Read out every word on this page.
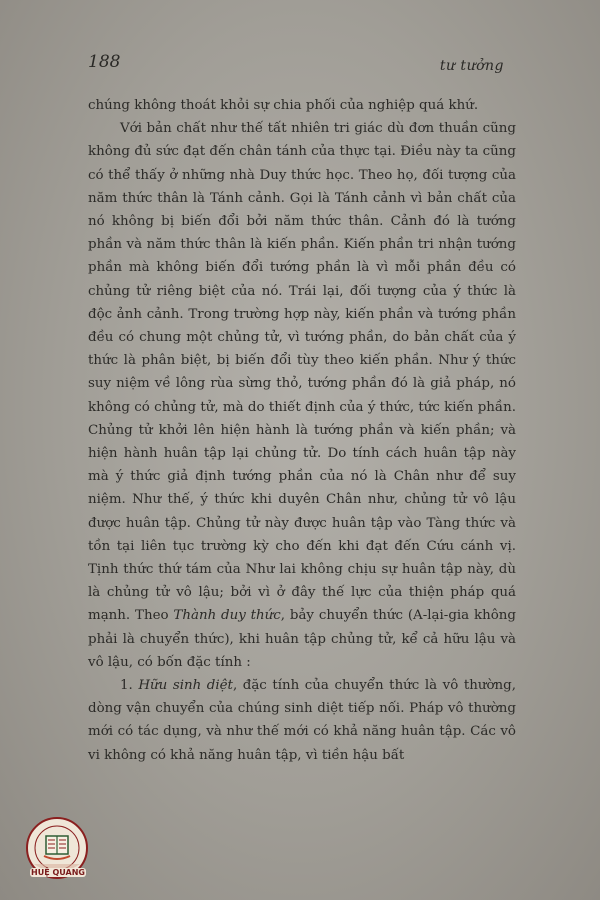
188	tư tưởng

chúng không thoát khỏi sự chia phối của nghiệp quá khứ.

Với bản chất như thế tất nhiên tri giác dù đơn thuần cũng không đủ sức đạt đến chân tánh của thực tại. Điều này ta cũng có thể thấy ở những nhà Duy thức học. Theo họ, đối tượng của năm thức thân là Tánh cảnh. Gọi là Tánh cảnh vì bản chất của nó không bị biến đổi bởi năm thức thân. Cảnh đó là tướng phần và năm thức thân là kiến phần. Kiến phần tri nhận tướng phần mà không biến đổi tướng phần là vì mỗi phần đều có chủng tử riêng biệt của nó. Trái lại, đối tượng của ý thức là độc ảnh cảnh. Trong trường hợp này, kiến phần và tướng phần đều có chung một chủng tử, vì tướng phần, do bản chất của ý thức là phân biệt, bị biến đổi tùy theo kiến phần. Như ý thức suy niệm về lông rùa sừng thỏ, tướng phần đó là giả pháp, nó không có chủng tử, mà do thiết định của ý thức, tức kiến phần. Chủng tử khởi lên hiện hành là tướng phần và kiến phần; và hiện hành huân tập lại chủng tử. Do tính cách huân tập này mà ý thức giả định tướng phần của nó là Chân như để suy niệm. Như thế, ý thức khi duyên Chân như, chủng tử vô lậu được huân tập. Chủng tử này được huân tập vào Tàng thức và tồn tại liên tục trường kỳ cho đến khi đạt đến Cứu cánh vị. Tịnh thức thứ tám của Như lai không chịu sự huân tập này, dù là chủng tử vô lậu; bởi vì ở đây thế lực của thiện pháp quá mạnh. Theo Thành duy thức, bảy chuyển thức (A-lại-gia không phải là chuyển thức), khi huân tập chủng tử, kể cả hữu lậu và vô lậu, có bốn đặc tính :

1. Hữu sinh diệt, đặc tính của chuyển thức là vô thường, dòng vận chuyển của chúng sinh diệt tiếp nối. Pháp vô thường mới có tác dụng, và như thế mới có khả năng huân tập. Các vô vi không có khả năng huân tập, vì tiền hậu bất

HUỆ QUANG
